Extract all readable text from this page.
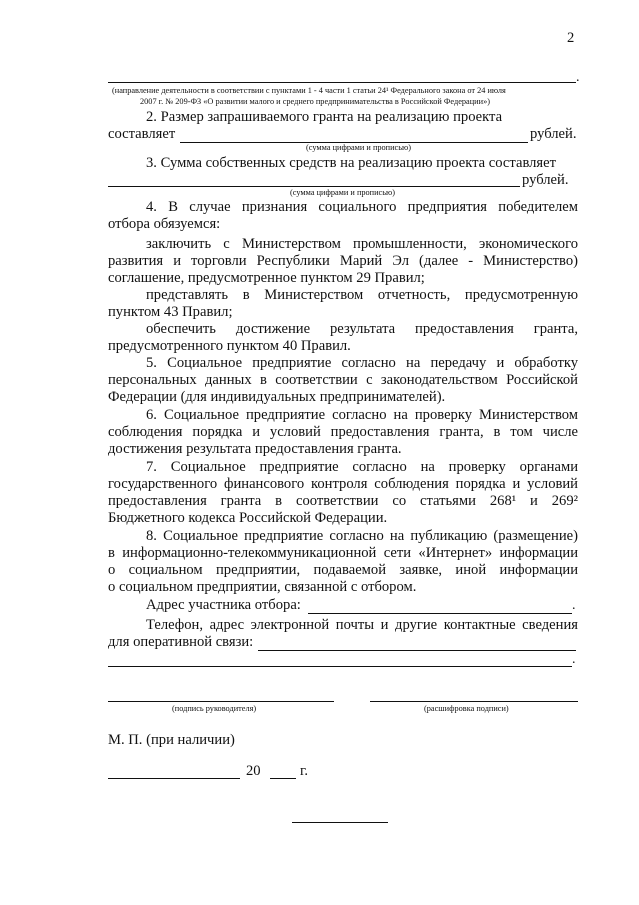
2
.
(направление деятельности в соответствии с пунктами 1 - 4 части 1 статьи 24¹ Федерального закона от 24 июля
2007 г. № 209-ФЗ «О развитии малого и среднего предпринимательства в Российской Федерации»)
2. Размер запрашиваемого гранта на реализацию проекта
составляет	рублей.
(сумма цифрами и прописью)
3. Сумма собственных средств на реализацию проекта составляет
рублей.
(сумма цифрами и прописью)
4. В случае признания социального предприятия победителем
отбора обязуемся:
заключить с Министерством промышленности, экономического
развития и торговли Республики Марий Эл (далее - Министерство)
соглашение, предусмотренное пунктом 29 Правил;
представлять в Министерством отчетность, предусмотренную
пунктом 43 Правил;
обеспечить достижение результата предоставления гранта,
предусмотренного пунктом 40 Правил.
5. Социальное предприятие согласно на передачу и обработку
персональных данных в соответствии с законодательством Российской
Федерации (для индивидуальных предпринимателей).
6. Социальное предприятие согласно на проверку Министерством
соблюдения порядка и условий предоставления гранта, в том числе
достижения результата предоставления гранта.
7. Социальное предприятие согласно на проверку органами
государственного финансового контроля соблюдения порядка и условий
предоставления гранта в соответствии со статьями 268¹ и 269²
Бюджетного кодекса Российской Федерации.
8. Социальное предприятие согласно на публикацию (размещение)
в информационно-телекоммуникационной сети «Интернет» информации
о социальном предприятии, подаваемой заявке, иной информации
о социальном предприятии, связанной с отбором.
Адрес участника отбора:	.
Телефон, адрес электронной почты и другие контактные сведения
для оперативной связи:
.
(подпись руководителя)	(расшифровка подписи)
М. П. (при наличии)
20	г.
